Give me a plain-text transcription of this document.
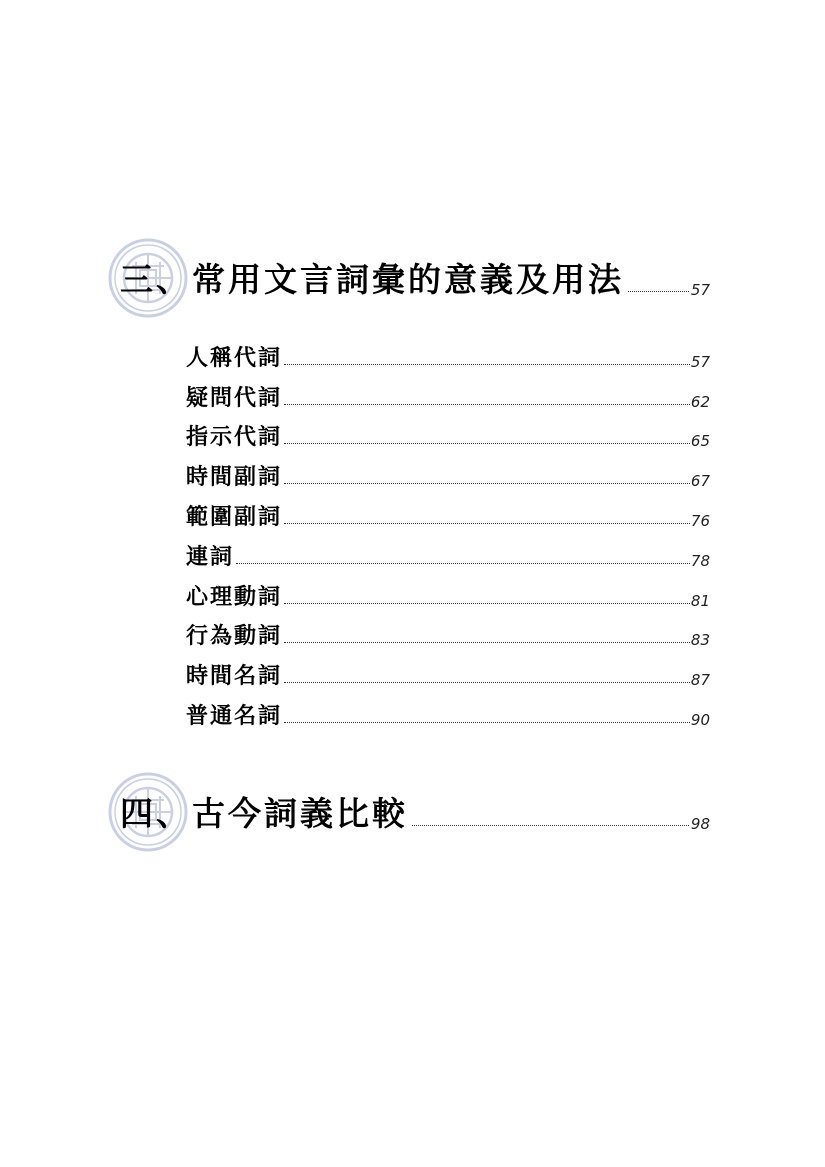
三、常用文言詞彙的意義及用法	57
人稱代詞	57
疑問代詞	62
指示代詞	65
時間副詞	67
範圍副詞	76
連詞	78
心理動詞	81
行為動詞	83
時間名詞	87
普通名詞	90
四、古今詞義比較	98
